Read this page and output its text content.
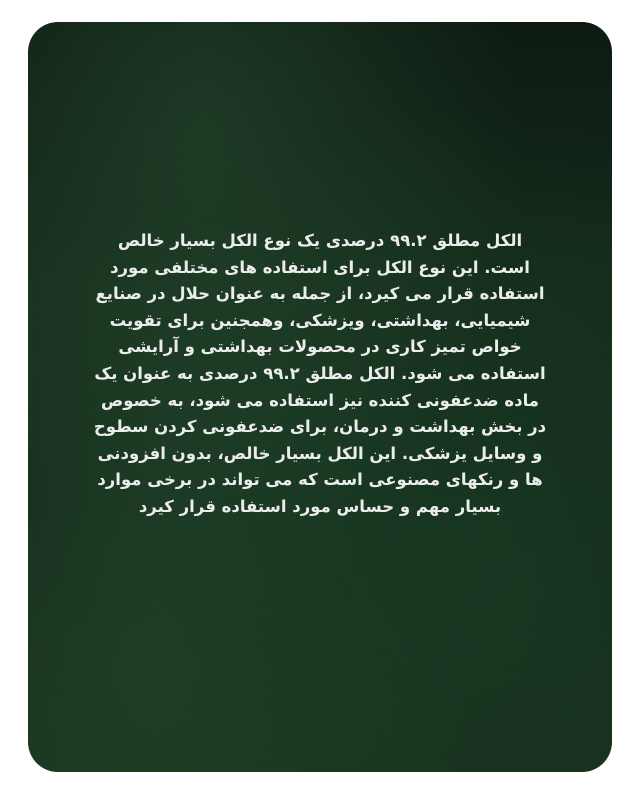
الکل مطلق ۹۹.۲ درصدی یک نوع الکل بسیار خالص
است. این نوع الکل برای استفاده های مختلفی مورد
استفاده قرار می کیرد، از جمله به عنوان حلال در صنایع
شیمیایی، بهداشتی، ویزشکی، وهمجنین برای تقویت
خواص تمیز کاری در محصولات بهداشتی و آرایشی
استفاده می شود. الکل مطلق ۹۹.۲ درصدی به عنوان یک
ماده ضدعفونی کننده نیز استفاده می شود، به خصوص
در بخش بهداشت و درمان، برای ضدعفونی کردن سطوح
و وسایل یزشکی. این الکل بسیار خالص، بدون افزودنی
ها و رنکهای مصنوعی است که می تواند در برخی موارد
بسیار مهم و حساس مورد استفاده قرار کیرد
